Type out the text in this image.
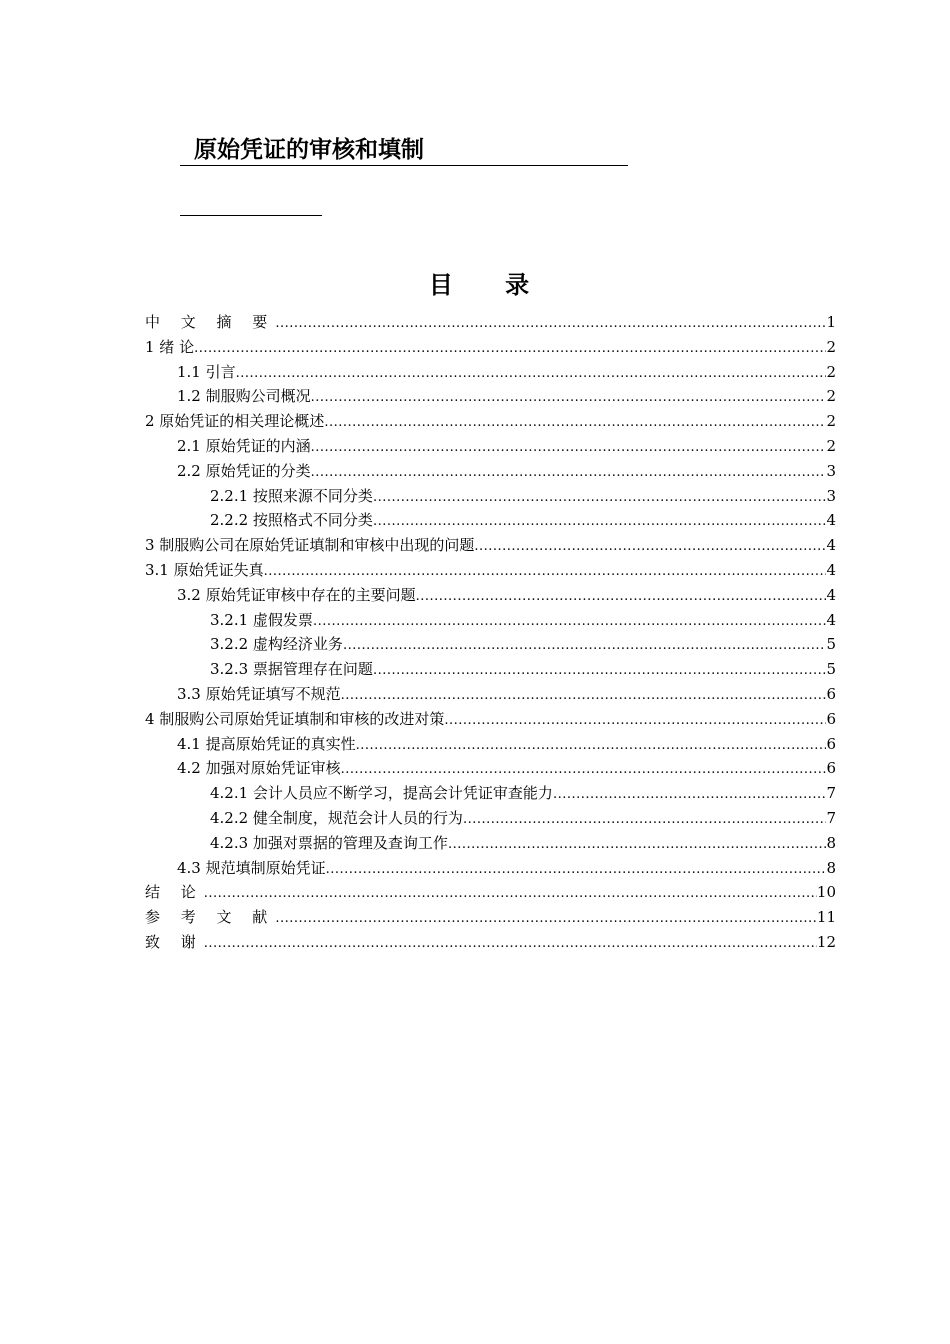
原始凭证的审核和填制
目 录
中 文 摘 要 .....	1
1 绪 论 .....	2
1.1 引言 .....	2
1.2 制服购公司概况 .....	2
2 原始凭证的相关理论概述 .....	2
2.1 原始凭证的内涵 .....	2
2.2 原始凭证的分类 .....	3
2.2.1 按照来源不同分类 .....	3
2.2.2 按照格式不同分类 .....	4
3 制服购公司在原始凭证填制和审核中出现的问题 .....	4
3.1 原始凭证失真 .....	4
3.2 原始凭证审核中存在的主要问题 .....	4
3.2.1 虚假发票 .....	4
3.2.2 虚构经济业务 .....	5
3.2.3 票据管理存在问题 .....	5
3.3 原始凭证填写不规范 .....	6
4 制服购公司原始凭证填制和审核的改进对策 .....	6
4.1 提高原始凭证的真实性 .....	6
4.2 加强对原始凭证审核 .....	6
4.2.1 会计人员应不断学习，提高会计凭证审查能力 .....	7
4.2.2 健全制度，规范会计人员的行为 .....	7
4.2.3 加强对票据的管理及查询工作 .....	8
4.3 规范填制原始凭证 .....	8
结 论 .....	10
参 考 文 献 .....	11
致 谢 .....	12
